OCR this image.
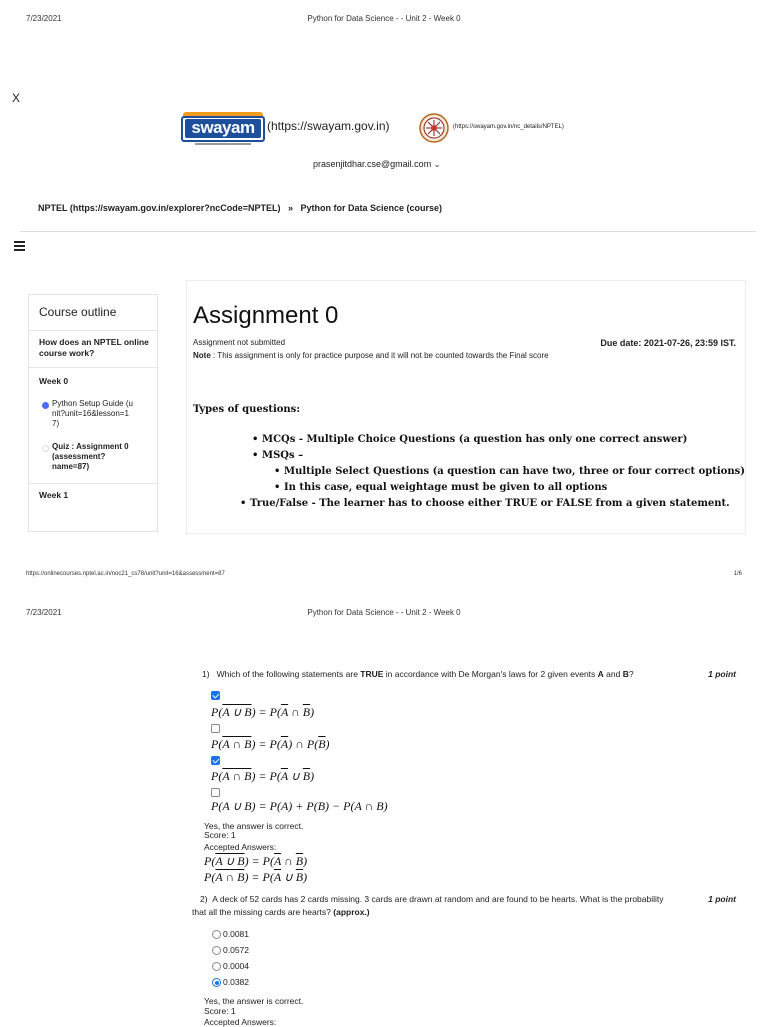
7/23/2021	Python for Data Science - - Unit 2 - Week 0
X
swayam	(https://swayam.gov.in)	(https://swayam.gov.in/nc_details/NPTEL)
prasenjitdhar.cse@gmail.com ⌄
NPTEL (https://swayam.gov.in/explorer?ncCode=NPTEL) » Python for Data Science (course)
Course outline
How does an NPTEL online course work?
Week 0
Python Setup Guide (unit?unit=16&lesson=17)
Quiz : Assignment 0 (assessment?name=87)
Week 1
Assignment 0
Assignment not submitted	Due date: 2021-07-26, 23:59 IST.
Note : This assignment is only for practice purpose and it will not be counted towards the Final score
Types of questions:
• MCQs - Multiple Choice Questions (a question has only one correct answer)
• MSQs –
• Multiple Select Questions (a question can have two, three or four correct options)
• In this case, equal weightage must be given to all options
• True/False - The learner has to choose either TRUE or FALSE from a given statement.
https://onlinecourses.nptel.ac.in/noc21_cs78/unit?unit=16&assessment=87	1/6
7/23/2021	Python for Data Science - - Unit 2 - Week 0
1) Which of the following statements are TRUE in accordance with De Morgan's laws for 2 given events A and B?	1 point
P(A ∪ $B) = P(\overline{A}$ ∩ $\overline{B}$)
P(A ∩ $B) = P(\overline{A})$ ∩ $P(\overline{B})$
P(A ∩ $B) = P(\overline{A}$ ∪ $\overline{B}$)
P(A ∪ B) = P(A) + P(B) − P(A ∩ B)
Yes, the answer is correct.
Score: 1
Accepted Answers:
P(A ∪ $B) = P(\overline{A}$ ∩ $\overline{B}$)
P(A ∩ $B) = P(\overline{A}$ ∪ $\overline{B}$)
2) A deck of 52 cards has 2 cards missing. 3 cards are drawn at random and are found to be hearts. What is the probability	1 point
that all the missing cards are hearts? (approx.)
0.0081
0.0572
0.0004
0.0382
Yes, the answer is correct.
Score: 1
Accepted Answers:
